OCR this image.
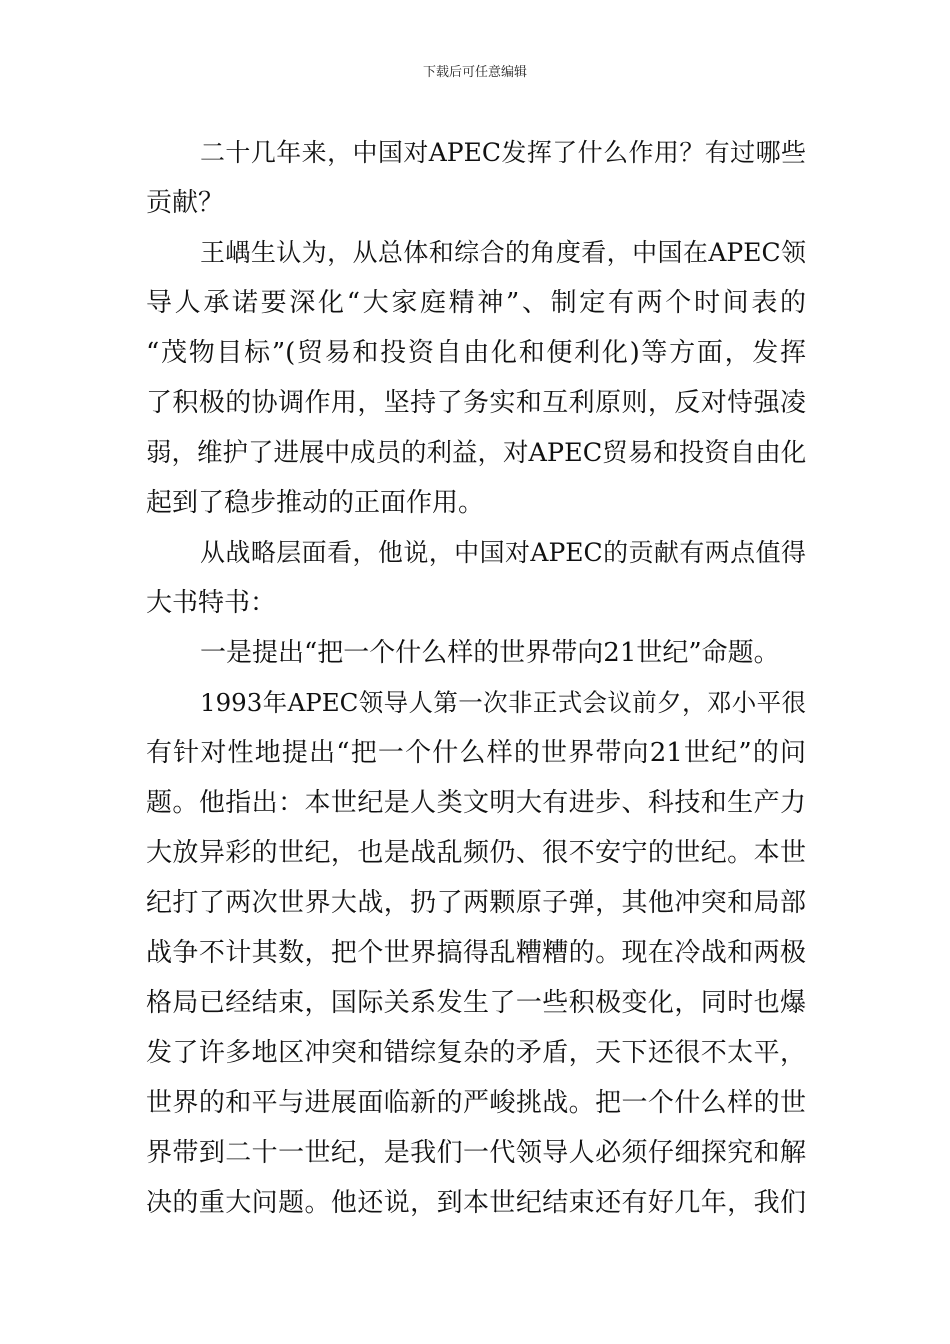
下载后可任意编辑
二十几年来，中国对APEC发挥了什么作用？有过哪些
贡献？
王嵎生认为，从总体和综合的角度看，中国在APEC领
导人承诺要深化“大家庭精神”、制定有两个时间表的
“茂物目标”(贸易和投资自由化和便利化)等方面，发挥
了积极的协调作用，坚持了务实和互利原则，反对恃强凌
弱，维护了进展中成员的利益，对APEC贸易和投资自由化
起到了稳步推动的正面作用。
从战略层面看，他说，中国对APEC的贡献有两点值得
大书特书：
一是提出“把一个什么样的世界带向21世纪”命题。
1993年APEC领导人第一次非正式会议前夕，邓小平很
有针对性地提出“把一个什么样的世界带向21世纪”的问
题。他指出：本世纪是人类文明大有进步、科技和生产力
大放异彩的世纪，也是战乱频仍、很不安宁的世纪。本世
纪打了两次世界大战，扔了两颗原子弹，其他冲突和局部
战争不计其数，把个世界搞得乱糟糟的。现在冷战和两极
格局已经结束，国际关系发生了一些积极变化，同时也爆
发了许多地区冲突和错综复杂的矛盾，天下还很不太平，
世界的和平与进展面临新的严峻挑战。把一个什么样的世
界带到二十一世纪，是我们一代领导人必须仔细探究和解
决的重大问题。他还说，到本世纪结束还有好几年，我们
